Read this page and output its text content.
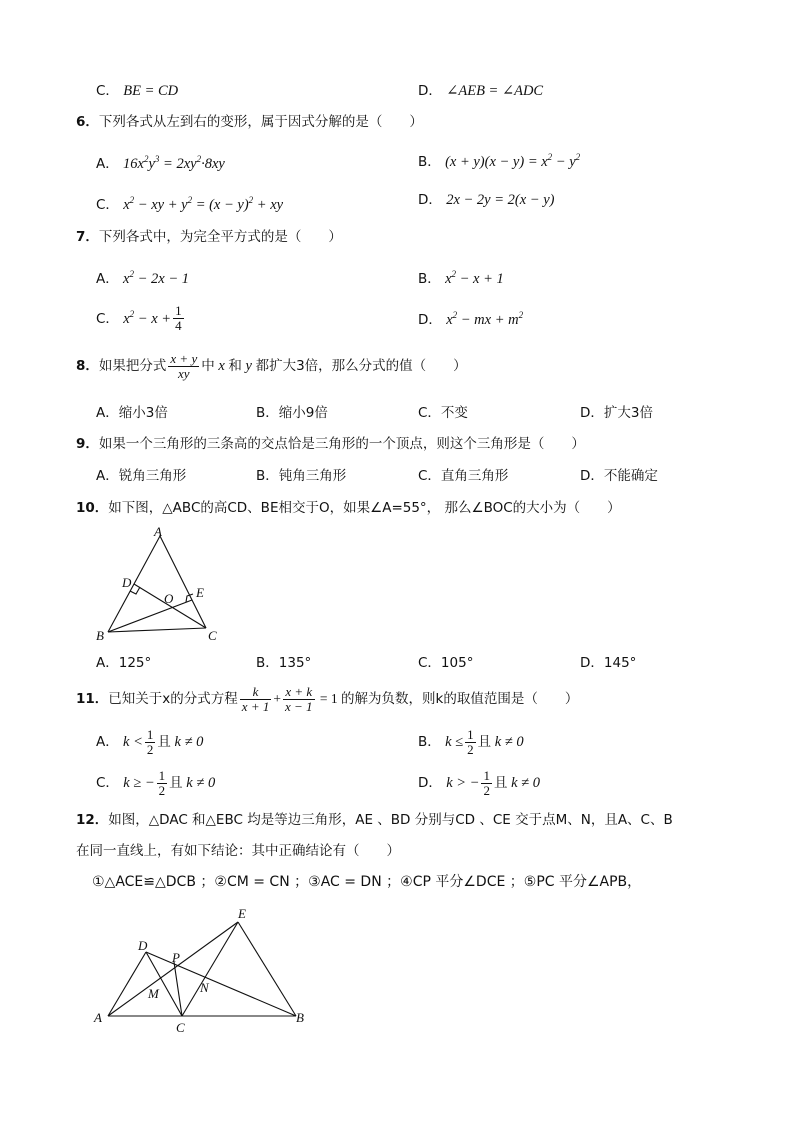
C． BE = CD	D． ∠AEB = ∠ADC
6．下列各式从左到右的变形，属于因式分解的是（　　）
A． $16x^2y^3 = 2xy^2\cdot 8xy$	B． $(x + y)(x - y) = x^2 - y^2$
C． $x^2$ − xy + $y^2 = (x - y)^2$ + xy	D． 2x − 2y = 2(x − y)
7．下列各式中，为完全平方式的是（　　）
A． $x^2 - 2x - 1$	B． $x^2 - x + 1$
C． $x^2 - x + \frac{1}{4}$	D． $x^2$ − mx + $m^2$
8．如果把分式 $\frac{x + y}{xy}$ 中 x 和 y 都扩大3倍，那么分式的值（　　）
A．缩小3倍	B．缩小9倍	C．不变	D．扩大3倍
9．如果一个三角形的三条高的交点恰是三角形的一个顶点，则这个三角形是（　　）
A．锐角三角形	B．钝角三角形	C．直角三角形	D．不能确定
10．如下图，△ABC的高CD、BE相交于O，如果∠A=55°， 那么∠BOC的大小为（　　）
A
B	C
D
E
O
A．125°	B．135°	C．105°	D．145°
11．已知关于x的分式方程 $\frac{k}{x + 1} + \frac{x + k}{x - 1} = 1$ 的解为负数，则k的取值范围是（　　）
A． $k < \frac{1}{2}$ 且 k ≠ 0	B． $k \le \frac{1}{2}$ 且 k ≠ 0
C． k ≥ − $\frac{1}{2}$ 且 k ≠ 0	D． k > − $\frac{1}{2}$ 且 k ≠ 0
12．如图，△DAC 和△EBC 均是等边三角形，AE 、BD 分别与CD 、CE 交于点M、N，且A、C、B
在同一直线上，有如下结论：其中正确结论有（　　）
①△ACE≌△DCB ；②CM = CN ；③AC = DN ；④CP 平分∠DCE ；⑤PC 平分∠APB，
E
D
P
M	N
A
C
B
